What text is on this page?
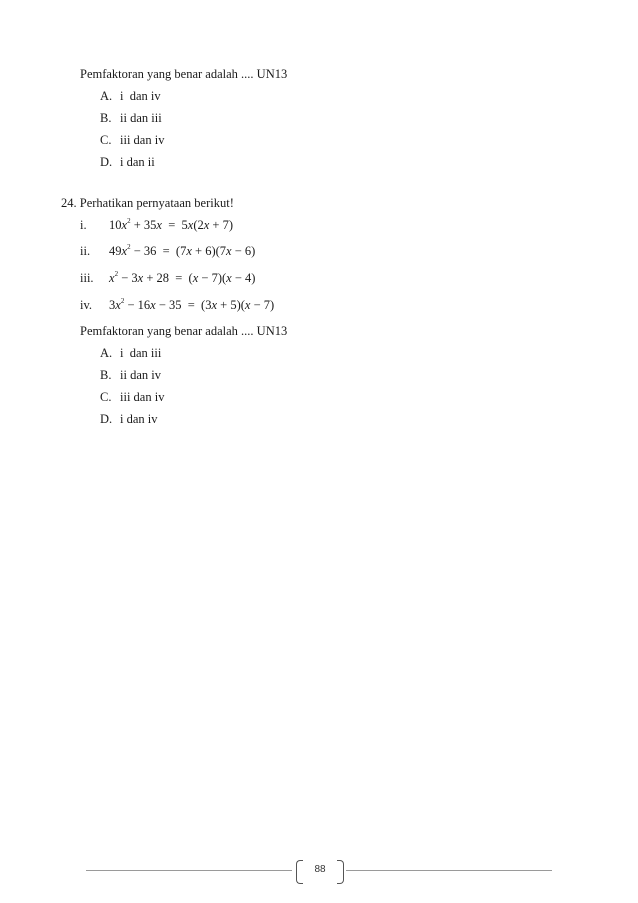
Pemfaktoran yang benar adalah .... UN13
A. i  dan iv
B. ii dan iii
C. iii dan iv
D. i dan ii
24. Perhatikan pernyataan berikut!
i. $10x^2 + 35x = 5x(2x + 7)$
ii. $49x^2 - 36 = (7x + 6)(7x - 6)$
iii. $x^2 - 3x + 28 = (x - 7)(x - 4)$
iv. $3x^2 - 16x - 35 = (3x + 5)(x - 7)$
Pemfaktoran yang benar adalah .... UN13
A. i  dan iii
B. ii dan iv
C. iii dan iv
D. i dan iv
88
